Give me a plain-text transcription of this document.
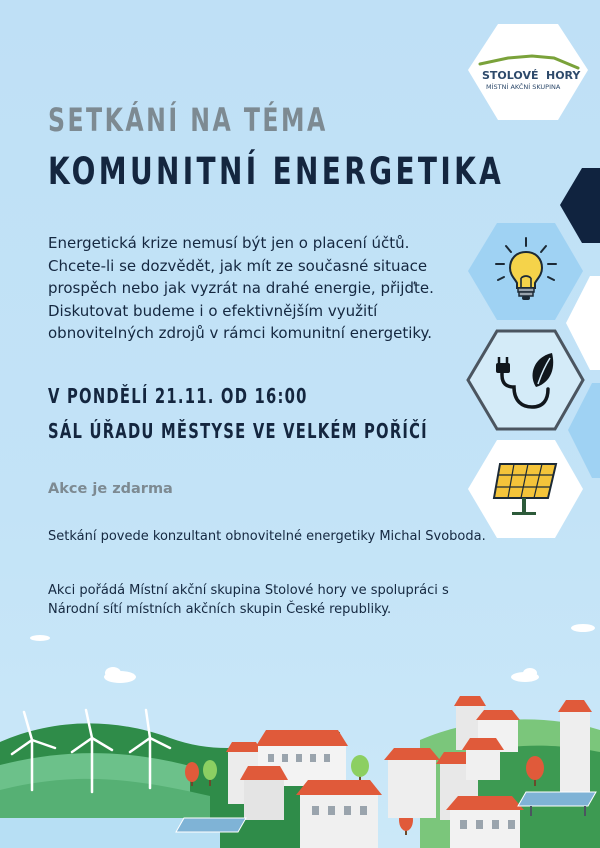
STOLOVÉ HORY
MÍSTNÍ AKČNÍ SKUPINA
SETKÁNÍ NA TÉMA
KOMUNITNÍ ENERGETIKA

Energetická krize nemusí být jen o placení účtů. Chcete-li se dozvědět, jak mít ze současné situace prospěch nebo jak vyzrát na drahé energie, přijďte. Diskutovat budeme i o efektivnějším využití obnovitelných zdrojů v rámci komunitní energetiky.

V PONDĚLÍ 21.11. OD 16:00

SÁL ÚŘADU MĚSTYSE VE VELKÉM POŘÍČÍ

Akce je zdarma

Setkání povede konzultant obnovitelné energetiky Michal Svoboda.

Akci pořádá Místní akční skupina Stolové hory ve spolupráci s Národní sítí místních akčních skupin České republiky.
